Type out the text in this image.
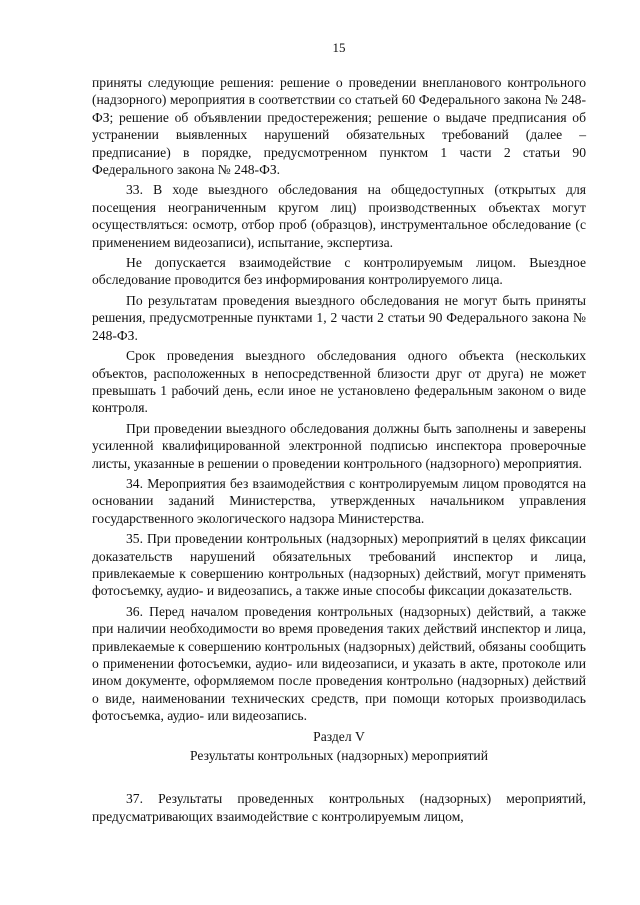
15

приняты следующие решения: решение о проведении внепланового контрольного (надзорного) мероприятия в соответствии со статьей 60 Федерального закона № 248-ФЗ; решение об объявлении предостережения; решение о выдаче предписания об устранении выявленных нарушений обязательных требований (далее – предписание) в порядке, предусмотренном пунктом 1 части 2 статьи 90 Федерального закона № 248-ФЗ.

33. В ходе выездного обследования на общедоступных (открытых для посещения неограниченным кругом лиц) производственных объектах могут осуществляться: осмотр, отбор проб (образцов), инструментальное обследование (с применением видеозаписи), испытание, экспертиза.

Не допускается взаимодействие с контролируемым лицом. Выездное обследование проводится без информирования контролируемого лица.

По результатам проведения выездного обследования не могут быть приняты решения, предусмотренные пунктами 1, 2 части 2 статьи 90 Федерального закона № 248-ФЗ.

Срок проведения выездного обследования одного объекта (нескольких объектов, расположенных в непосредственной близости друг от друга) не может превышать 1 рабочий день, если иное не установлено федеральным законом о виде контроля.

При проведении выездного обследования должны быть заполнены и заверены усиленной квалифицированной электронной подписью инспектора проверочные листы, указанные в решении о проведении контрольного (надзорного) мероприятия.

34. Мероприятия без взаимодействия с контролируемым лицом проводятся на основании заданий Министерства, утвержденных начальником управления государственного экологического надзора Министерства.

35. При проведении контрольных (надзорных) мероприятий в целях фиксации доказательств нарушений обязательных требований инспектор и лица, привлекаемые к совершению контрольных (надзорных) действий, могут применять фотосъемку, аудио- и видеозапись, а также иные способы фиксации доказательств.

36. Перед началом проведения контрольных (надзорных) действий, а также при наличии необходимости во время проведения таких действий инспектор и лица, привлекаемые к совершению контрольных (надзорных) действий, обязаны сообщить о применении фотосъемки, аудио- или видеозаписи, и указать в акте, протоколе или ином документе, оформляемом после проведения контрольно (надзорных) действий о виде, наименовании технических средств, при помощи которых производилась фотосъемка, аудио- или видеозапись.

Раздел V

Результаты контрольных (надзорных) мероприятий

37. Результаты проведенных контрольных (надзорных) мероприятий, предусматривающих взаимодействие с контролируемым лицом,
